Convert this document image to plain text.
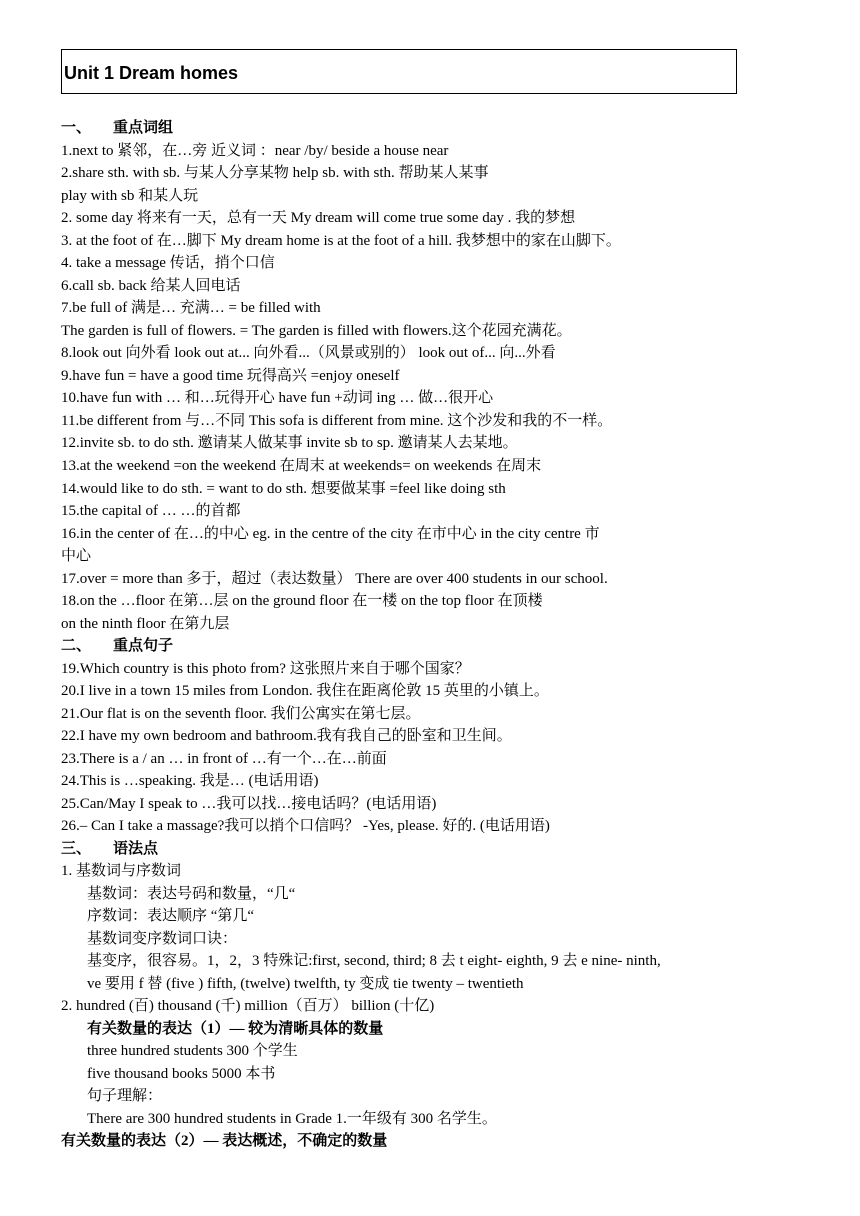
Unit 1 Dream homes
一、 重点词组
1.next to 紧邻，在…旁 近义词 ：near /by/ beside a house near
2.share sth. with sb. 与某人分享某物 help sb. with sth. 帮助某人某事
play with sb 和某人玩
2. some day 将来有一天，总有一天 My dream will come true some day . 我的梦想
3. at the foot of 在…脚下 My dream home is at the foot of a hill. 我梦想中的家在山脚下。
4. take a message 传话，捎个口信
6.call sb. back 给某人回电话
7.be full of 满是… 充满… = be filled with
The garden is full of flowers. = The garden is filled with flowers.这个花园充满花。
8.look out 向外看 look out at... 向外看...（风景或别的） look out of... 向...外看
9.have fun = have a good time 玩得高兴 =enjoy oneself
10.have fun with … 和…玩得开心 have fun +动词 ing … 做…很开心
11.be different from 与…不同 This sofa is different from mine. 这个沙发和我的不一样。
12.invite sb. to do sth. 邀请某人做某事 invite sb to sp. 邀请某人去某地。
13.at the weekend =on the weekend 在周末 at weekends= on weekends 在周末
14.would like to do sth. = want to do sth. 想要做某事 =feel like doing sth
15.the capital of … …的首都
16.in the center of 在…的中心 eg. in the centre of the city 在市中心 in the city centre 市
中心
17.over = more than 多于，超过（表达数量） There are over 400 students in our school.
18.on the …floor 在第…层 on the ground floor 在一楼 on the top floor 在顶楼
on the ninth floor 在第九层
二、 重点句子
19.Which country is this photo from? 这张照片来自于哪个国家？
20.I live in a town 15 miles from London. 我住在距离伦敦 15 英里的小镇上。
21.Our flat is on the seventh floor. 我们公寓实在第七层。
22.I have my own bedroom and bathroom.我有我自己的卧室和卫生间。
23.There is a / an … in front of …有一个…在…前面
24.This is …speaking. 我是… (电话用语)
25.Can/May I speak to …我可以找…接电话吗？(电话用语)
26.– Can I take a massage?我可以捎个口信吗？ -Yes, please. 好的. (电话用语)
三、 语法点
1. 基数词与序数词
基数词：表达号码和数量，“几“
序数词：表达顺序 “第几“
基数词变序数词口诀：
基变序，很容易。1，2，3 特殊记:first, second, third; 8 去 t eight- eighth, 9 去 e nine- ninth,
ve 要用 f 替 (five ) fifth, (twelve) twelfth, ty 变成 tie twenty – twentieth
2. hundred (百) thousand (千) million（百万） billion (十亿)
有关数量的表达（1）— 较为清晰具体的数量
three hundred students 300 个学生
five thousand books 5000 本书
句子理解：
There are 300 hundred students in Grade 1.一年级有 300 名学生。
有关数量的表达（2）— 表达概述，不确定的数量
